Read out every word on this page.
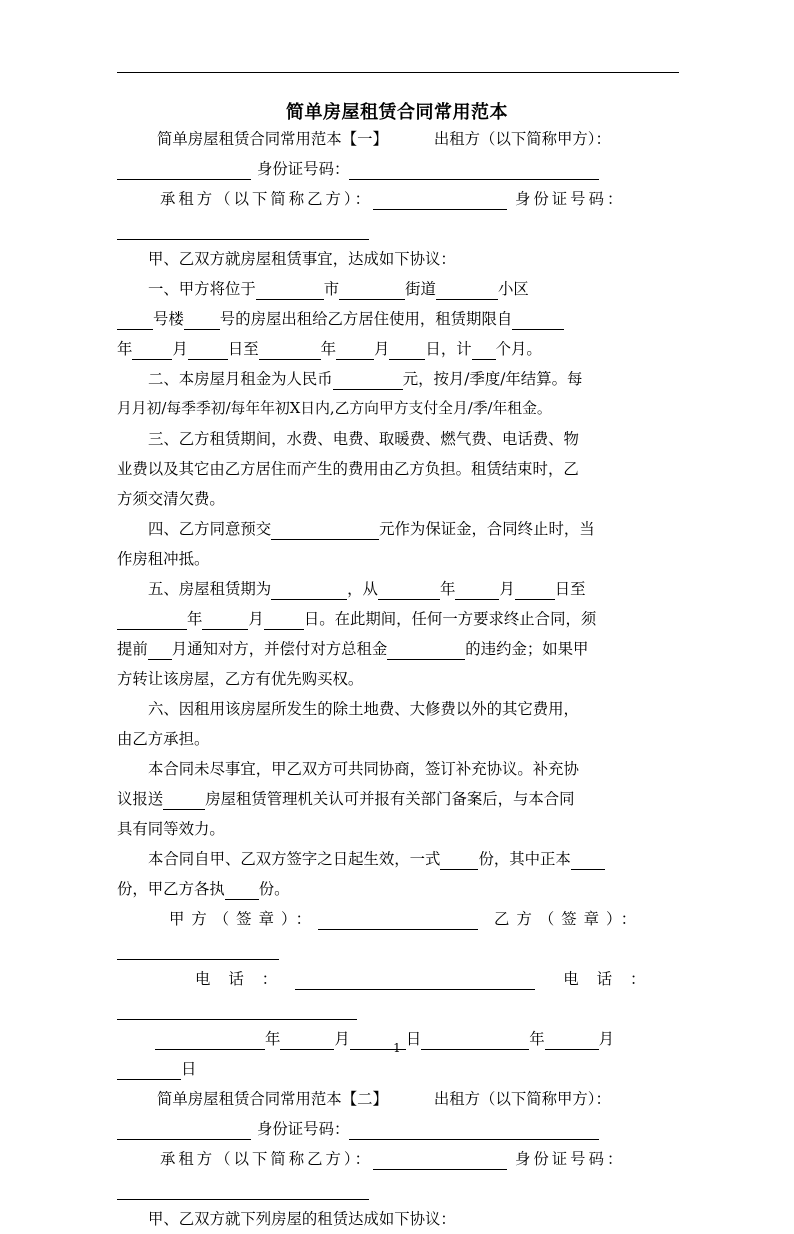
简单房屋租赁合同常用范本
简单房屋租赁合同常用范本【一】	出租方（以下简称甲方）：
身份证号码：
承租方（以下简称乙方）：	身份证号码：
甲、乙双方就房屋租赁事宜，达成如下协议：
一、甲方将位于	市	街道	小区
号楼 号的房屋出租给乙方居住使用，租赁期限自
年	月	日至	年 月 日，计 个月。
二、本房屋月租金为人民币	元，按月/季度/年结算。每
月月初/每季季初/每年年初X日内,乙方向甲方支付全月/季/年租金。
三、乙方租赁期间，水费、电费、取暖费、燃气费、电话费、物
业费以及其它由乙方居住而产生的费用由乙方负担。租赁结束时，乙
方须交清欠费。
四、乙方同意预交	元作为保证金，合同终止时，当
作房租冲抵。
五、房屋租赁期为	，从	年	月	日至
年	月	日。在此期间，任何一方要求终止合同，须
提前 月通知对方，并偿付对方总租金	的违约金；如果甲
方转让该房屋，乙方有优先购买权。
六、因租用该房屋所发生的除土地费、大修费以外的其它费用，
由乙方承担。
本合同未尽事宜，甲乙双方可共同协商，签订补充协议。补充协
议报送	房屋租赁管理机关认可并报有关部门备案后，与本合同
具有同等效力。
本合同自甲、乙双方签字之日起生效，一式 份，其中正本
份，甲乙方各执 份。
甲方（签章）：	乙方（签章）：
电话：	电话：
年	月	日	年	月
日
简单房屋租赁合同常用范本【二】	出租方（以下简称甲方）：
身份证号码：
承租方（以下简称乙方）：	身份证号码：
甲、乙双方就下列房屋的租赁达成如下协议：
1
